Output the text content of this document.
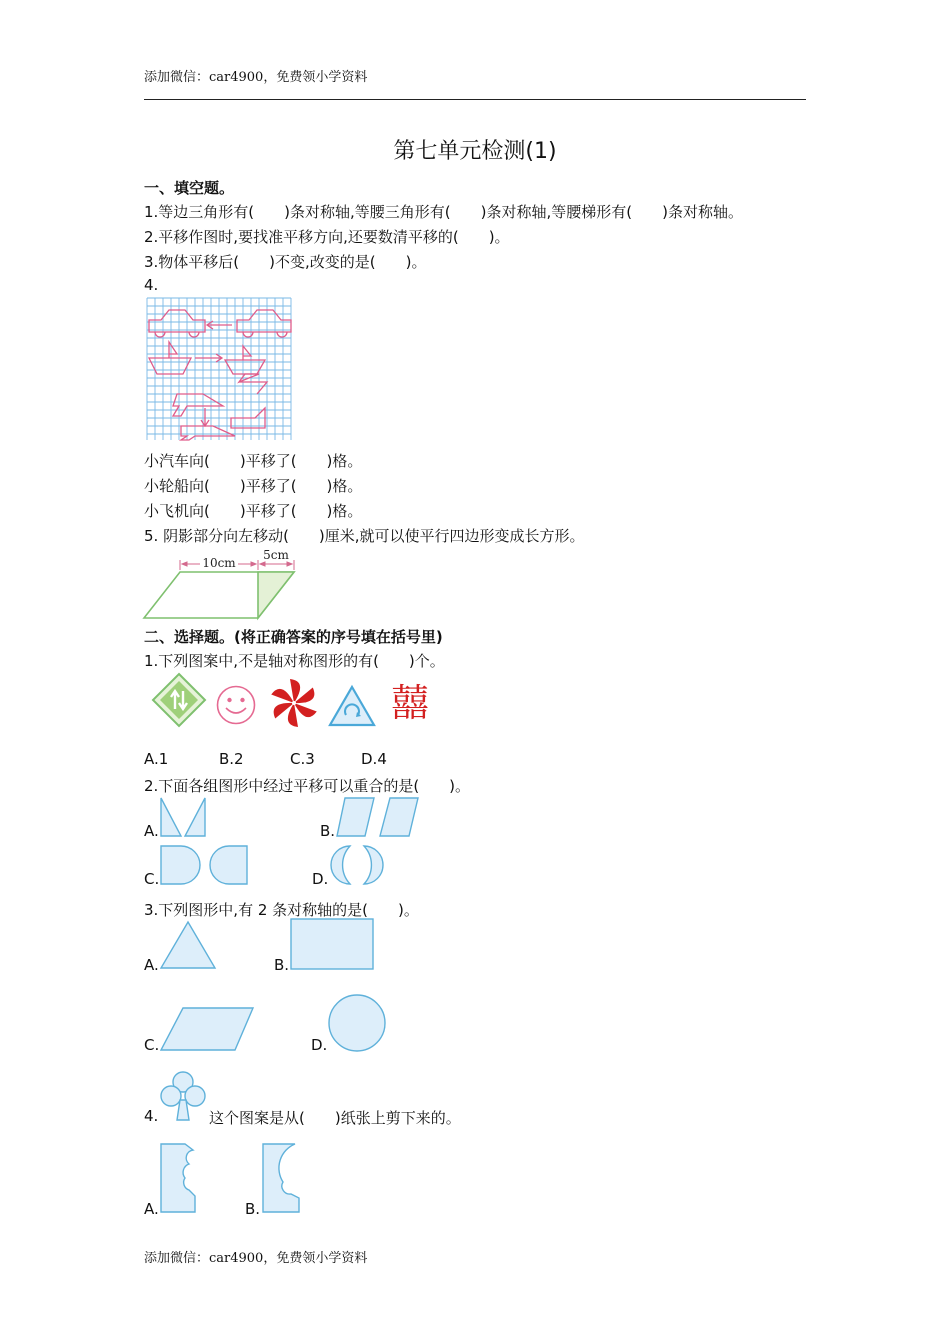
添加微信：car4900，免费领小学资料
第七单元检测(1)
一、填空题。
1.等边三角形有(　　)条对称轴,等腰三角形有(　　)条对称轴,等腰梯形有(　　)条对称轴。
2.平移作图时,要找准平移方向,还要数清平移的(　　)。
3.物体平移后(　　)不变,改变的是(　　)。
4.
小汽车向(　　)平移了(　　)格。
小轮船向(　　)平移了(　　)格。
小飞机向(　　)平移了(　　)格。
5. 阴影部分向左移动(　　)厘米,就可以使平行四边形变成长方形。
10cm
5cm
二、选择题。(将正确答案的序号填在括号里)
1.下列图案中,不是轴对称图形的有(　　)个。
囍
A.1	B.2	C.3	D.4
2.下面各组图形中经过平移可以重合的是(　　)。
A.	B.
C.	D.
3.下列图形中,有 2 条对称轴的是(　　)。
A.	B.
C.	D.
4.	这个图案是从(　　)纸张上剪下来的。
A.	B.
添加微信：car4900，免费领小学资料
